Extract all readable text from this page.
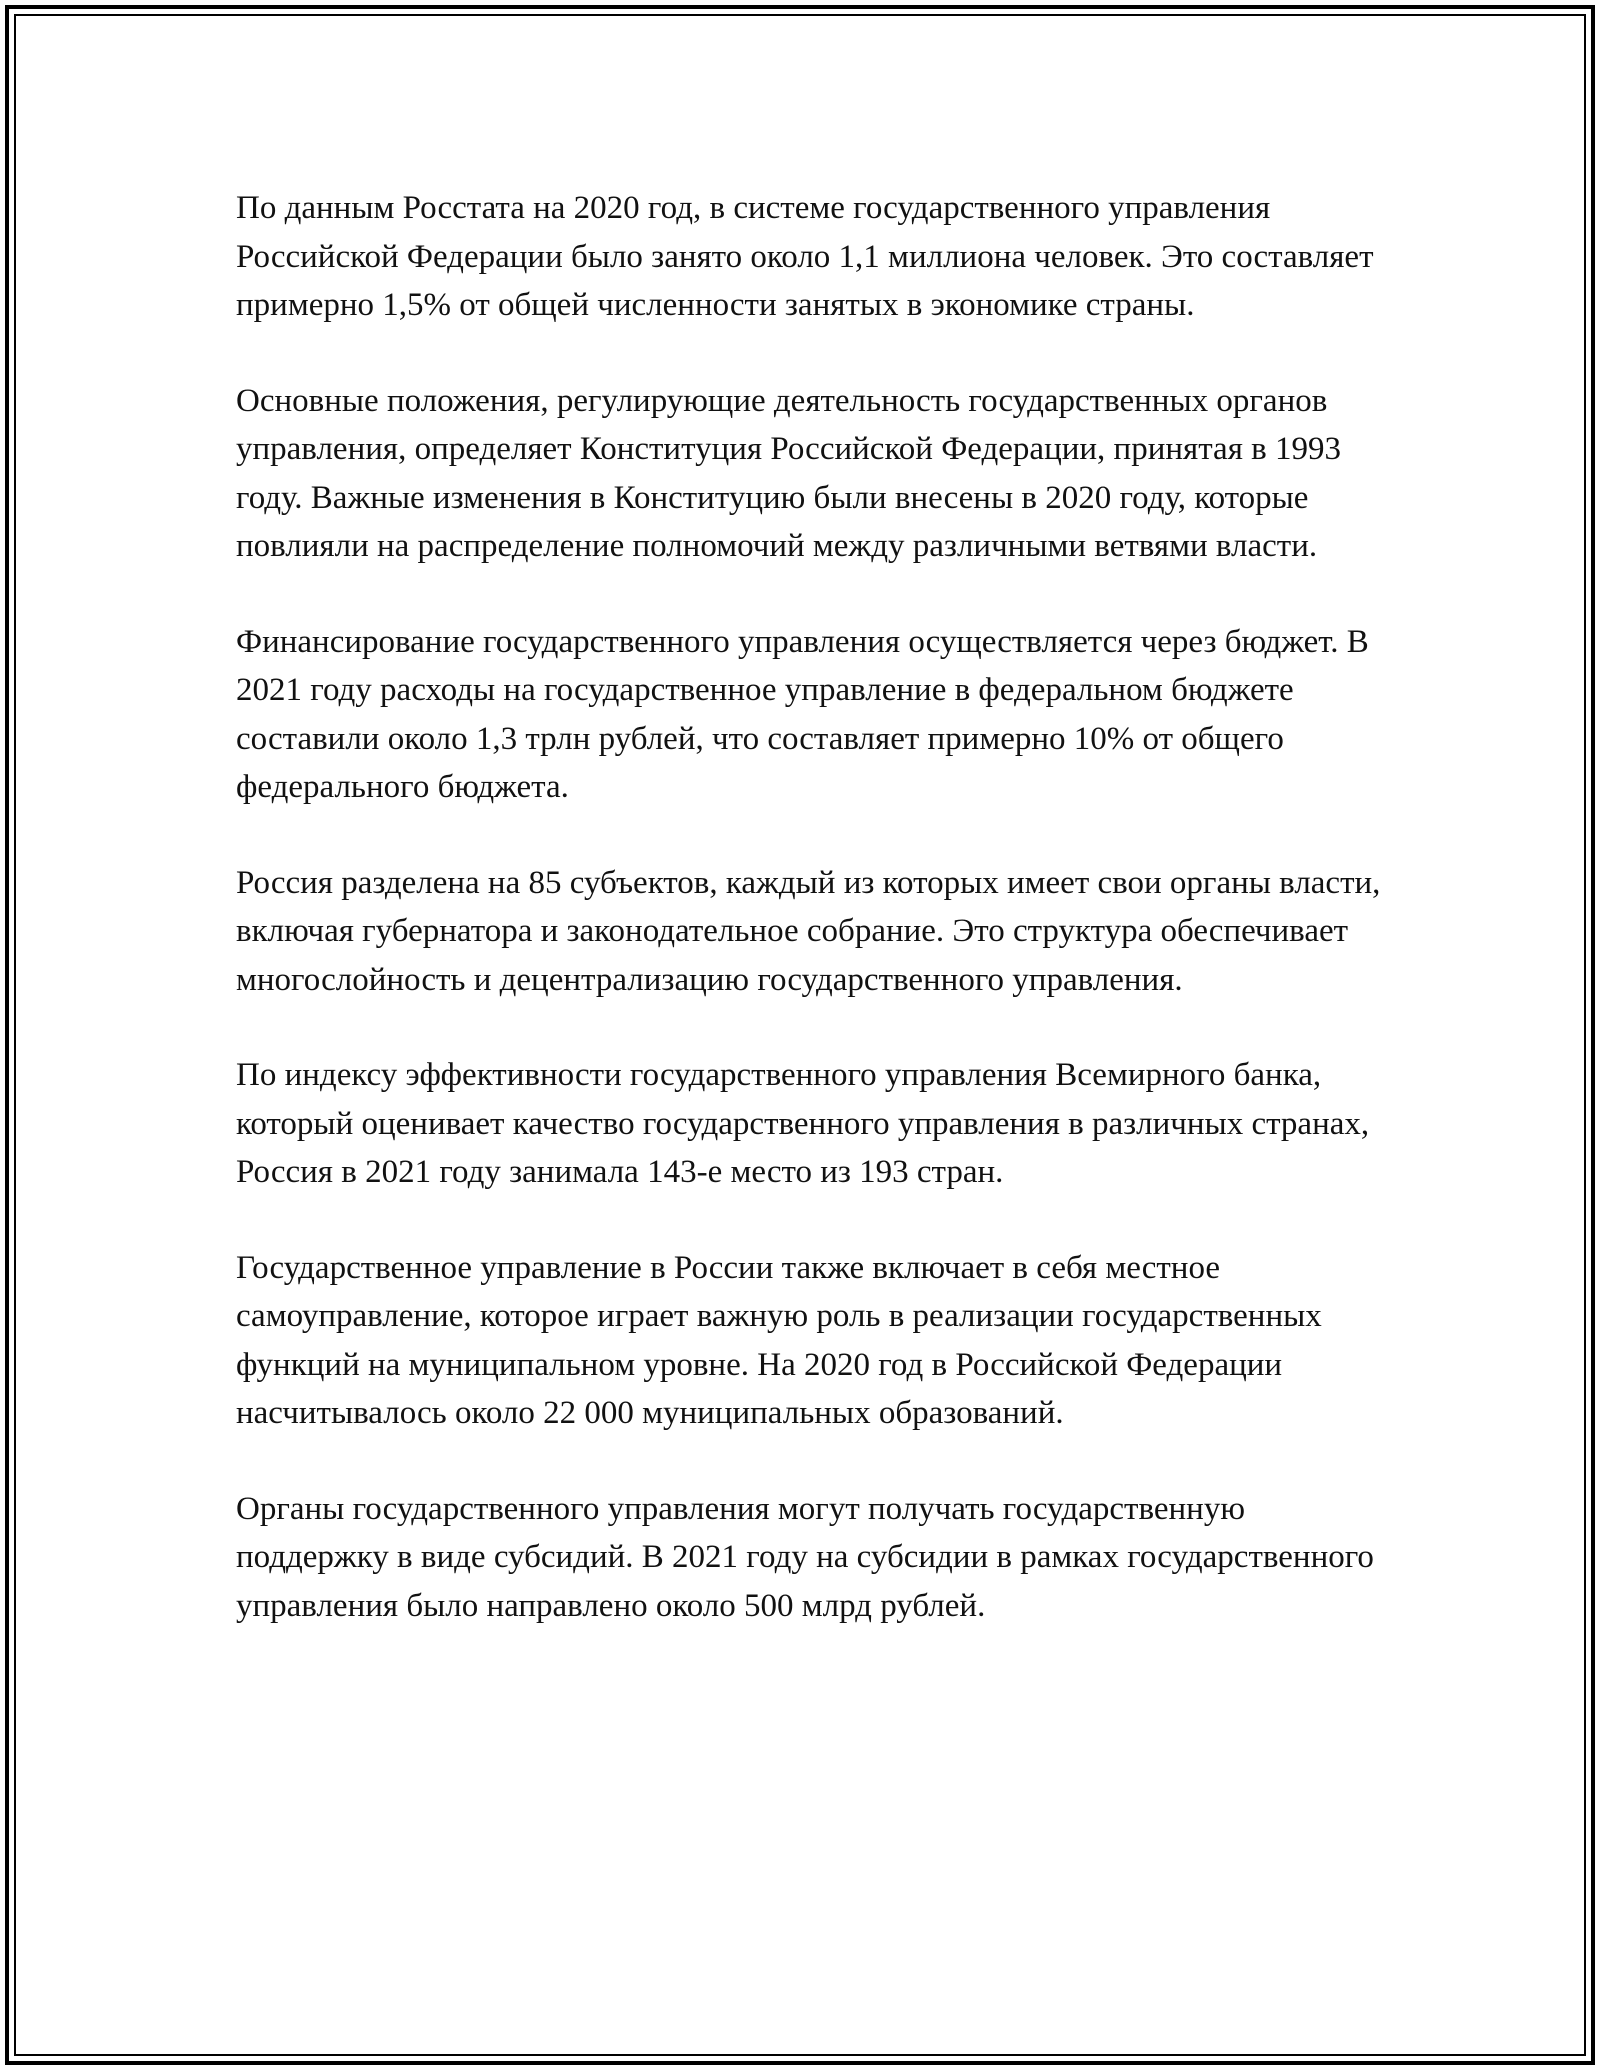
По данным Росстата на 2020 год, в системе государственного управления Российской Федерации было занято около 1,1 миллиона человек. Это составляет примерно 1,5% от общей численности занятых в экономике страны.

Основные положения, регулирующие деятельность государственных органов управления, определяет Конституция Российской Федерации, принятая в 1993 году. Важные изменения в Конституцию были внесены в 2020 году, которые повлияли на распределение полномочий между различными ветвями власти.

Финансирование государственного управления осуществляется через бюджет. В 2021 году расходы на государственное управление в федеральном бюджете составили около 1,3 трлн рублей, что составляет примерно 10% от общего федерального бюджета.

Россия разделена на 85 субъектов, каждый из которых имеет свои органы власти, включая губернатора и законодательное собрание. Это структура обеспечивает многослойность и децентрализацию государственного управления.

По индексу эффективности государственного управления Всемирного банка, который оценивает качество государственного управления в различных странах, Россия в 2021 году занимала 143-е место из 193 стран.

Государственное управление в России также включает в себя местное самоуправление, которое играет важную роль в реализации государственных функций на муниципальном уровне. На 2020 год в Российской Федерации насчитывалось около 22 000 муниципальных образований.

Органы государственного управления могут получать государственную поддержку в виде субсидий. В 2021 году на субсидии в рамках государственного управления было направлено около 500 млрд рублей.
